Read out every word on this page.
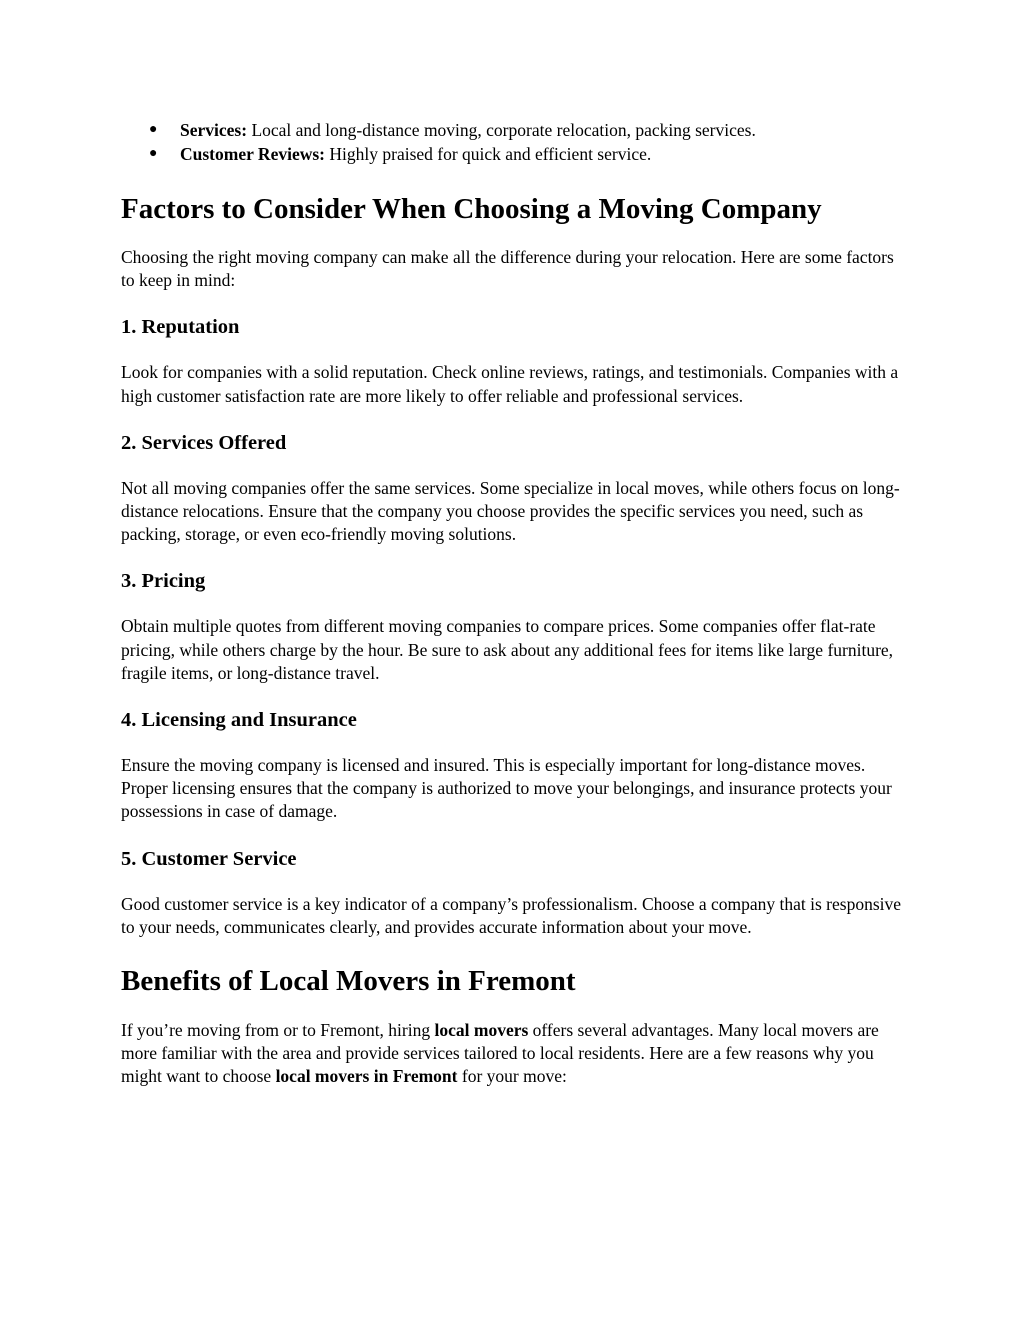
● Services: Local and long-distance moving, corporate relocation, packing services.
● Customer Reviews: Highly praised for quick and efficient service.
Factors to Consider When Choosing a Moving Company

Choosing the right moving company can make all the difference during your relocation. Here are some factors to keep in mind:

1. Reputation

Look for companies with a solid reputation. Check online reviews, ratings, and testimonials. Companies with a high customer satisfaction rate are more likely to offer reliable and professional services.

2. Services Offered

Not all moving companies offer the same services. Some specialize in local moves, while others focus on long-distance relocations. Ensure that the company you choose provides the specific services you need, such as packing, storage, or even eco-friendly moving solutions.

3. Pricing

Obtain multiple quotes from different moving companies to compare prices. Some companies offer flat-rate pricing, while others charge by the hour. Be sure to ask about any additional fees for items like large furniture, fragile items, or long-distance travel.

4. Licensing and Insurance

Ensure the moving company is licensed and insured. This is especially important for long-distance moves. Proper licensing ensures that the company is authorized to move your belongings, and insurance protects your possessions in case of damage.

5. Customer Service

Good customer service is a key indicator of a company’s professionalism. Choose a company that is responsive to your needs, communicates clearly, and provides accurate information about your move.

Benefits of Local Movers in Fremont

If you’re moving from or to Fremont, hiring local movers offers several advantages. Many local movers are more familiar with the area and provide services tailored to local residents. Here are a few reasons why you might want to choose local movers in Fremont for your move:
